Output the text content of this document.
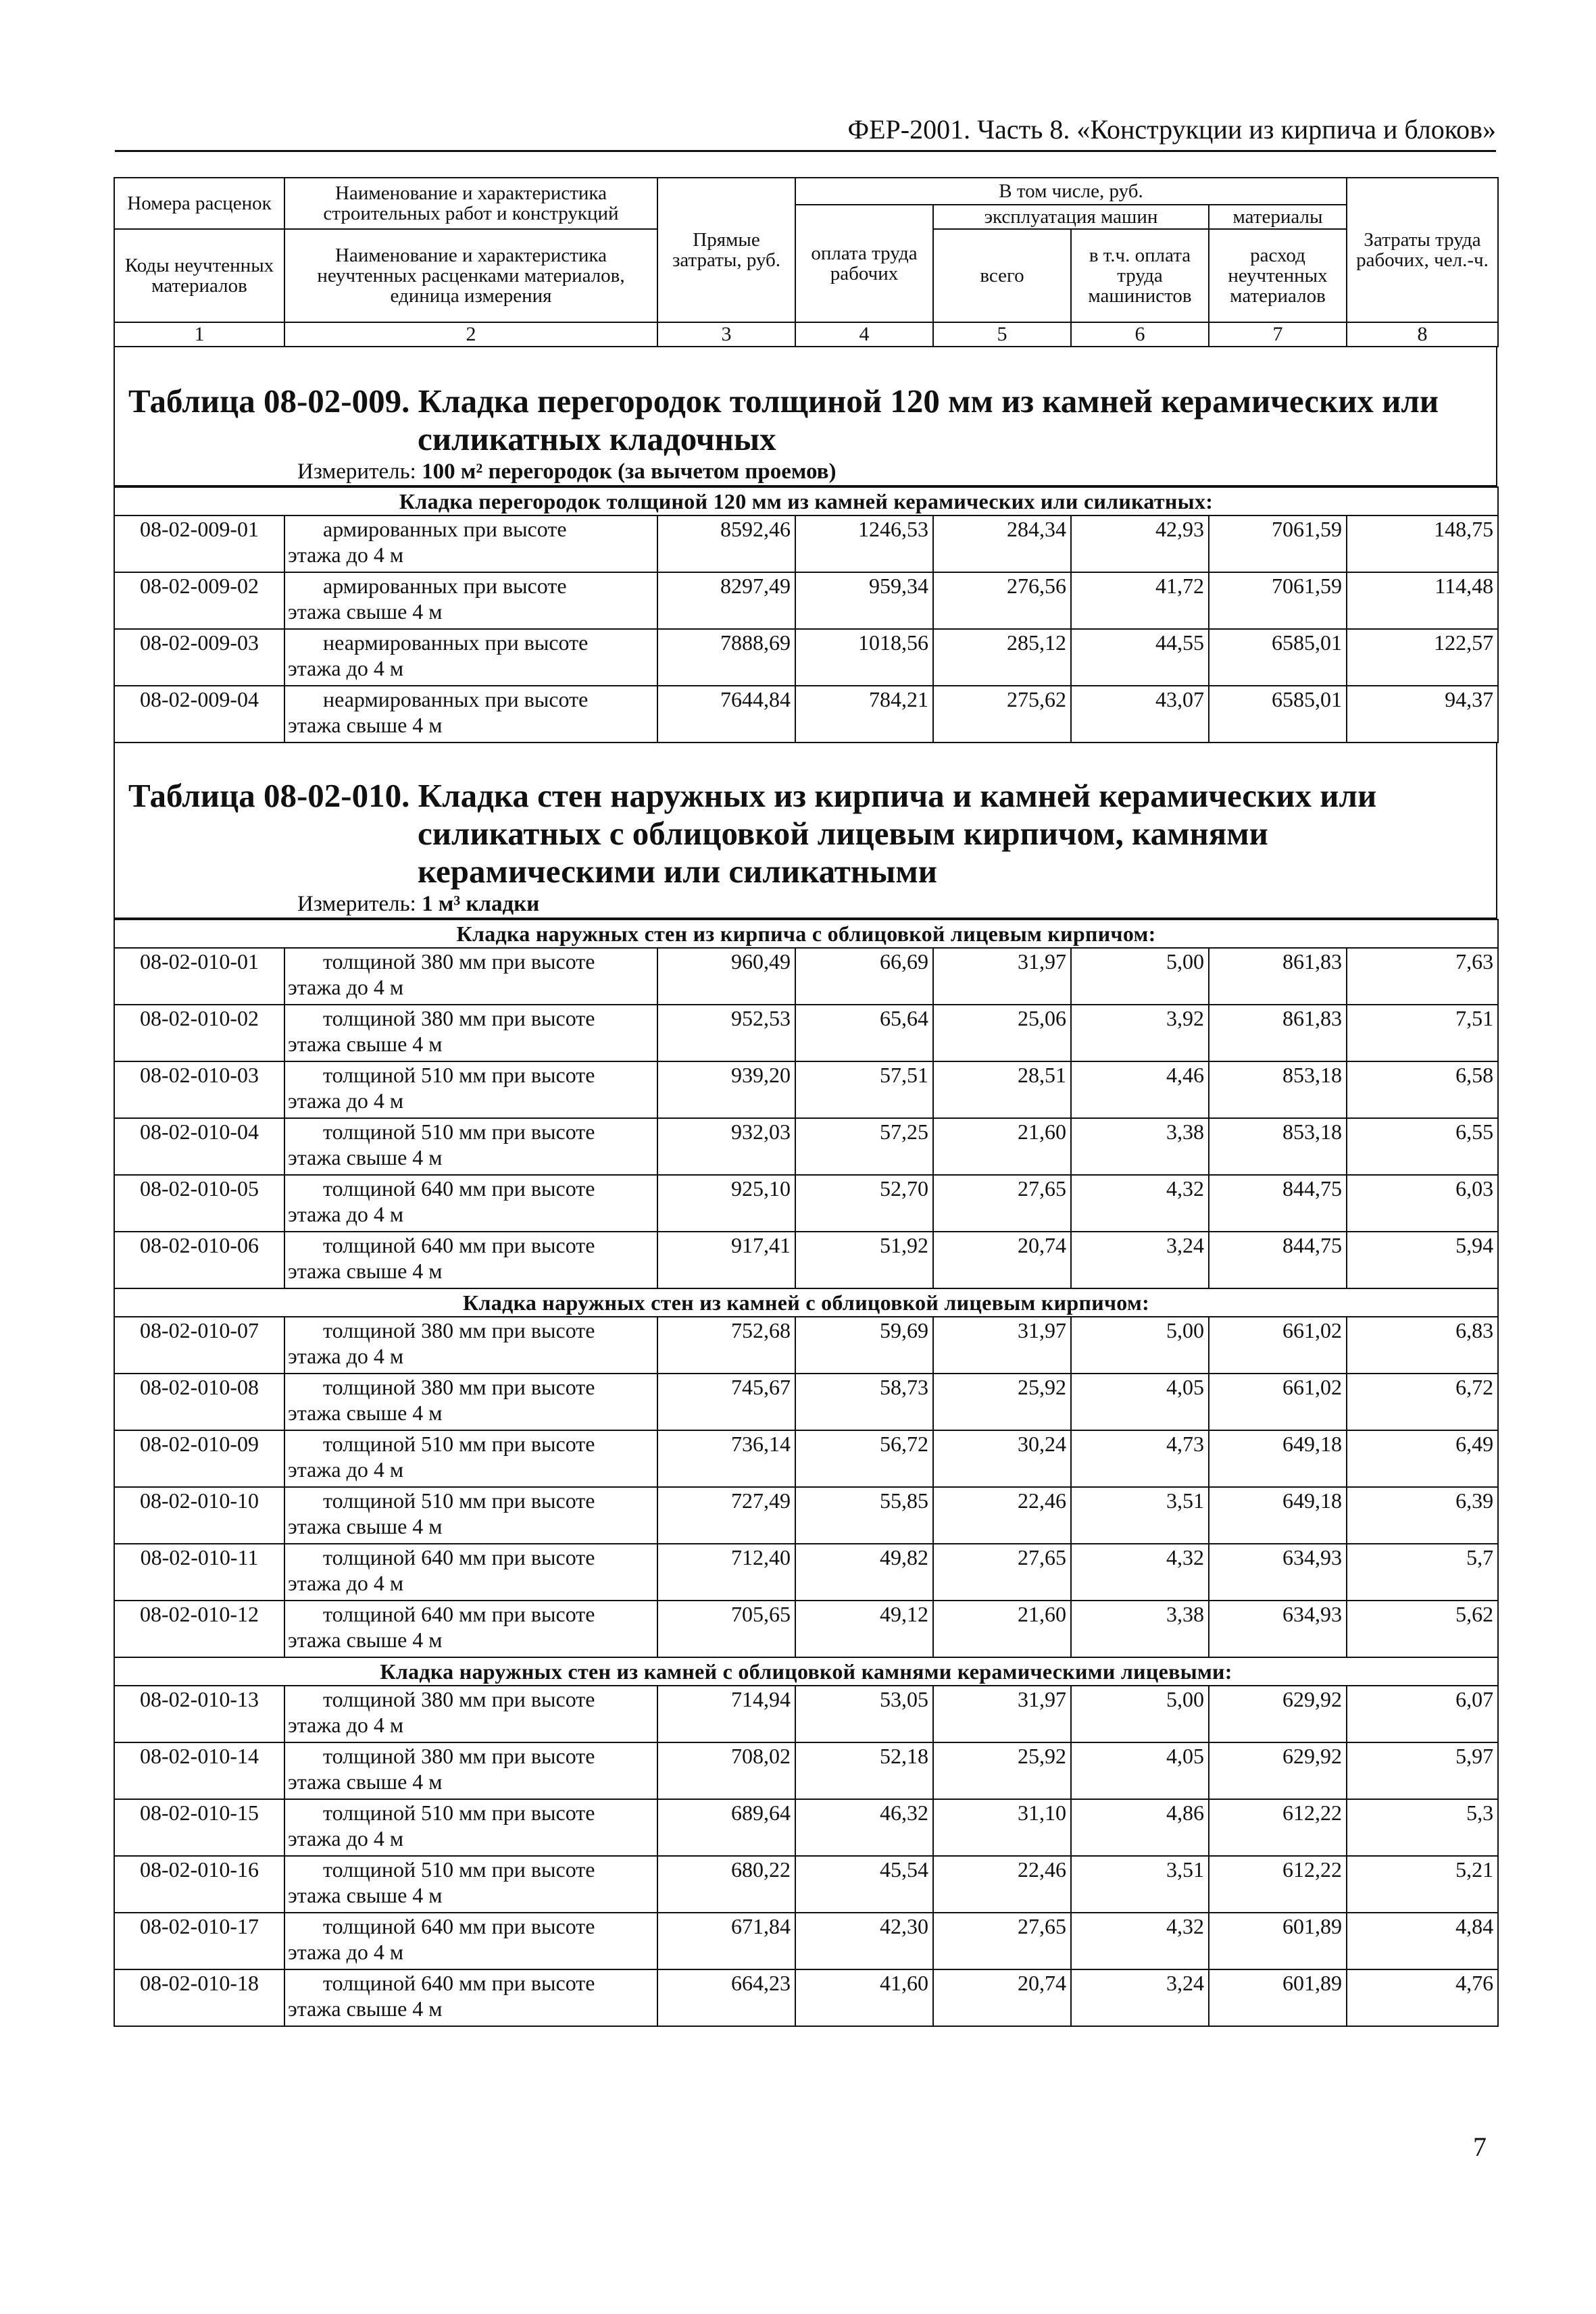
ФЕР-2001. Часть 8. «Конструкции из кирпича и блоков»
Номера расценок	Наименование и характеристика строительных работ и конструкций	Прямые затраты, руб.	В том числе, руб.				Затраты труда рабочих, чел.-ч.
			оплата труда рабочих	эксплуатация машин		материалы	
Коды неучтенных материалов	Наименование и характеристика неучтенных расценками материалов, единица измерения			всего	в т.ч. оплата труда машинистов	расход неучтенных материалов	

1	2	3	4	5	6	7	8
Таблица 08-02-009. Кладка перегородок толщиной 120 мм из камней керамических или
силикатных кладочных
Измеритель: 100 м² перегородок (за вычетом проемов)
Кладка перегородок толщиной 120 мм из камней керамических или силикатных:							
08-02-009-01	армированных при высоте
этажа до 4 м	8592,46	1246,53	284,34	42,93	7061,59	148,75
08-02-009-02	армированных при высоте
этажа свыше 4 м	8297,49	959,34	276,56	41,72	7061,59	114,48
08-02-009-03	неармированных при высоте
этажа до 4 м	7888,69	1018,56	285,12	44,55	6585,01	122,57
08-02-009-04	неармированных при высоте
этажа свыше 4 м	7644,84	784,21	275,62	43,07	6585,01	94,37
Таблица 08-02-010. Кладка стен наружных из кирпича и камней керамических или
силикатных с облицовкой лицевым кирпичом, камнями
керамическими или силикатными
Измеритель: 1 м³ кладки
Кладка наружных стен из кирпича с облицовкой лицевым кирпичом:							
08-02-010-01	толщиной 380 мм при высоте
этажа до 4 м	960,49	66,69	31,97	5,00	861,83	7,63
08-02-010-02	толщиной 380 мм при высоте
этажа свыше 4 м	952,53	65,64	25,06	3,92	861,83	7,51
08-02-010-03	толщиной 510 мм при высоте
этажа до 4 м	939,20	57,51	28,51	4,46	853,18	6,58
08-02-010-04	толщиной 510 мм при высоте
этажа свыше 4 м	932,03	57,25	21,60	3,38	853,18	6,55
08-02-010-05	толщиной 640 мм при высоте
этажа до 4 м	925,10	52,70	27,65	4,32	844,75	6,03
08-02-010-06	толщиной 640 мм при высоте
этажа свыше 4 м	917,41	51,92	20,74	3,24	844,75	5,94
Кладка наружных стен из камней с облицовкой лицевым кирпичом:							
08-02-010-07	толщиной 380 мм при высоте
этажа до 4 м	752,68	59,69	31,97	5,00	661,02	6,83
08-02-010-08	толщиной 380 мм при высоте
этажа свыше 4 м	745,67	58,73	25,92	4,05	661,02	6,72
08-02-010-09	толщиной 510 мм при высоте
этажа до 4 м	736,14	56,72	30,24	4,73	649,18	6,49
08-02-010-10	толщиной 510 мм при высоте
этажа свыше 4 м	727,49	55,85	22,46	3,51	649,18	6,39
08-02-010-11	толщиной 640 мм при высоте
этажа до 4 м	712,40	49,82	27,65	4,32	634,93	5,7
08-02-010-12	толщиной 640 мм при высоте
этажа свыше 4 м	705,65	49,12	21,60	3,38	634,93	5,62
Кладка наружных стен из камней с облицовкой камнями керамическими лицевыми:							
08-02-010-13	толщиной 380 мм при высоте
этажа до 4 м	714,94	53,05	31,97	5,00	629,92	6,07
08-02-010-14	толщиной 380 мм при высоте
этажа свыше 4 м	708,02	52,18	25,92	4,05	629,92	5,97
08-02-010-15	толщиной 510 мм при высоте
этажа до 4 м	689,64	46,32	31,10	4,86	612,22	5,3
08-02-010-16	толщиной 510 мм при высоте
этажа свыше 4 м	680,22	45,54	22,46	3,51	612,22	5,21
08-02-010-17	толщиной 640 мм при высоте
этажа до 4 м	671,84	42,30	27,65	4,32	601,89	4,84
08-02-010-18	толщиной 640 мм при высоте
этажа свыше 4 м	664,23	41,60	20,74	3,24	601,89	4,76
7
